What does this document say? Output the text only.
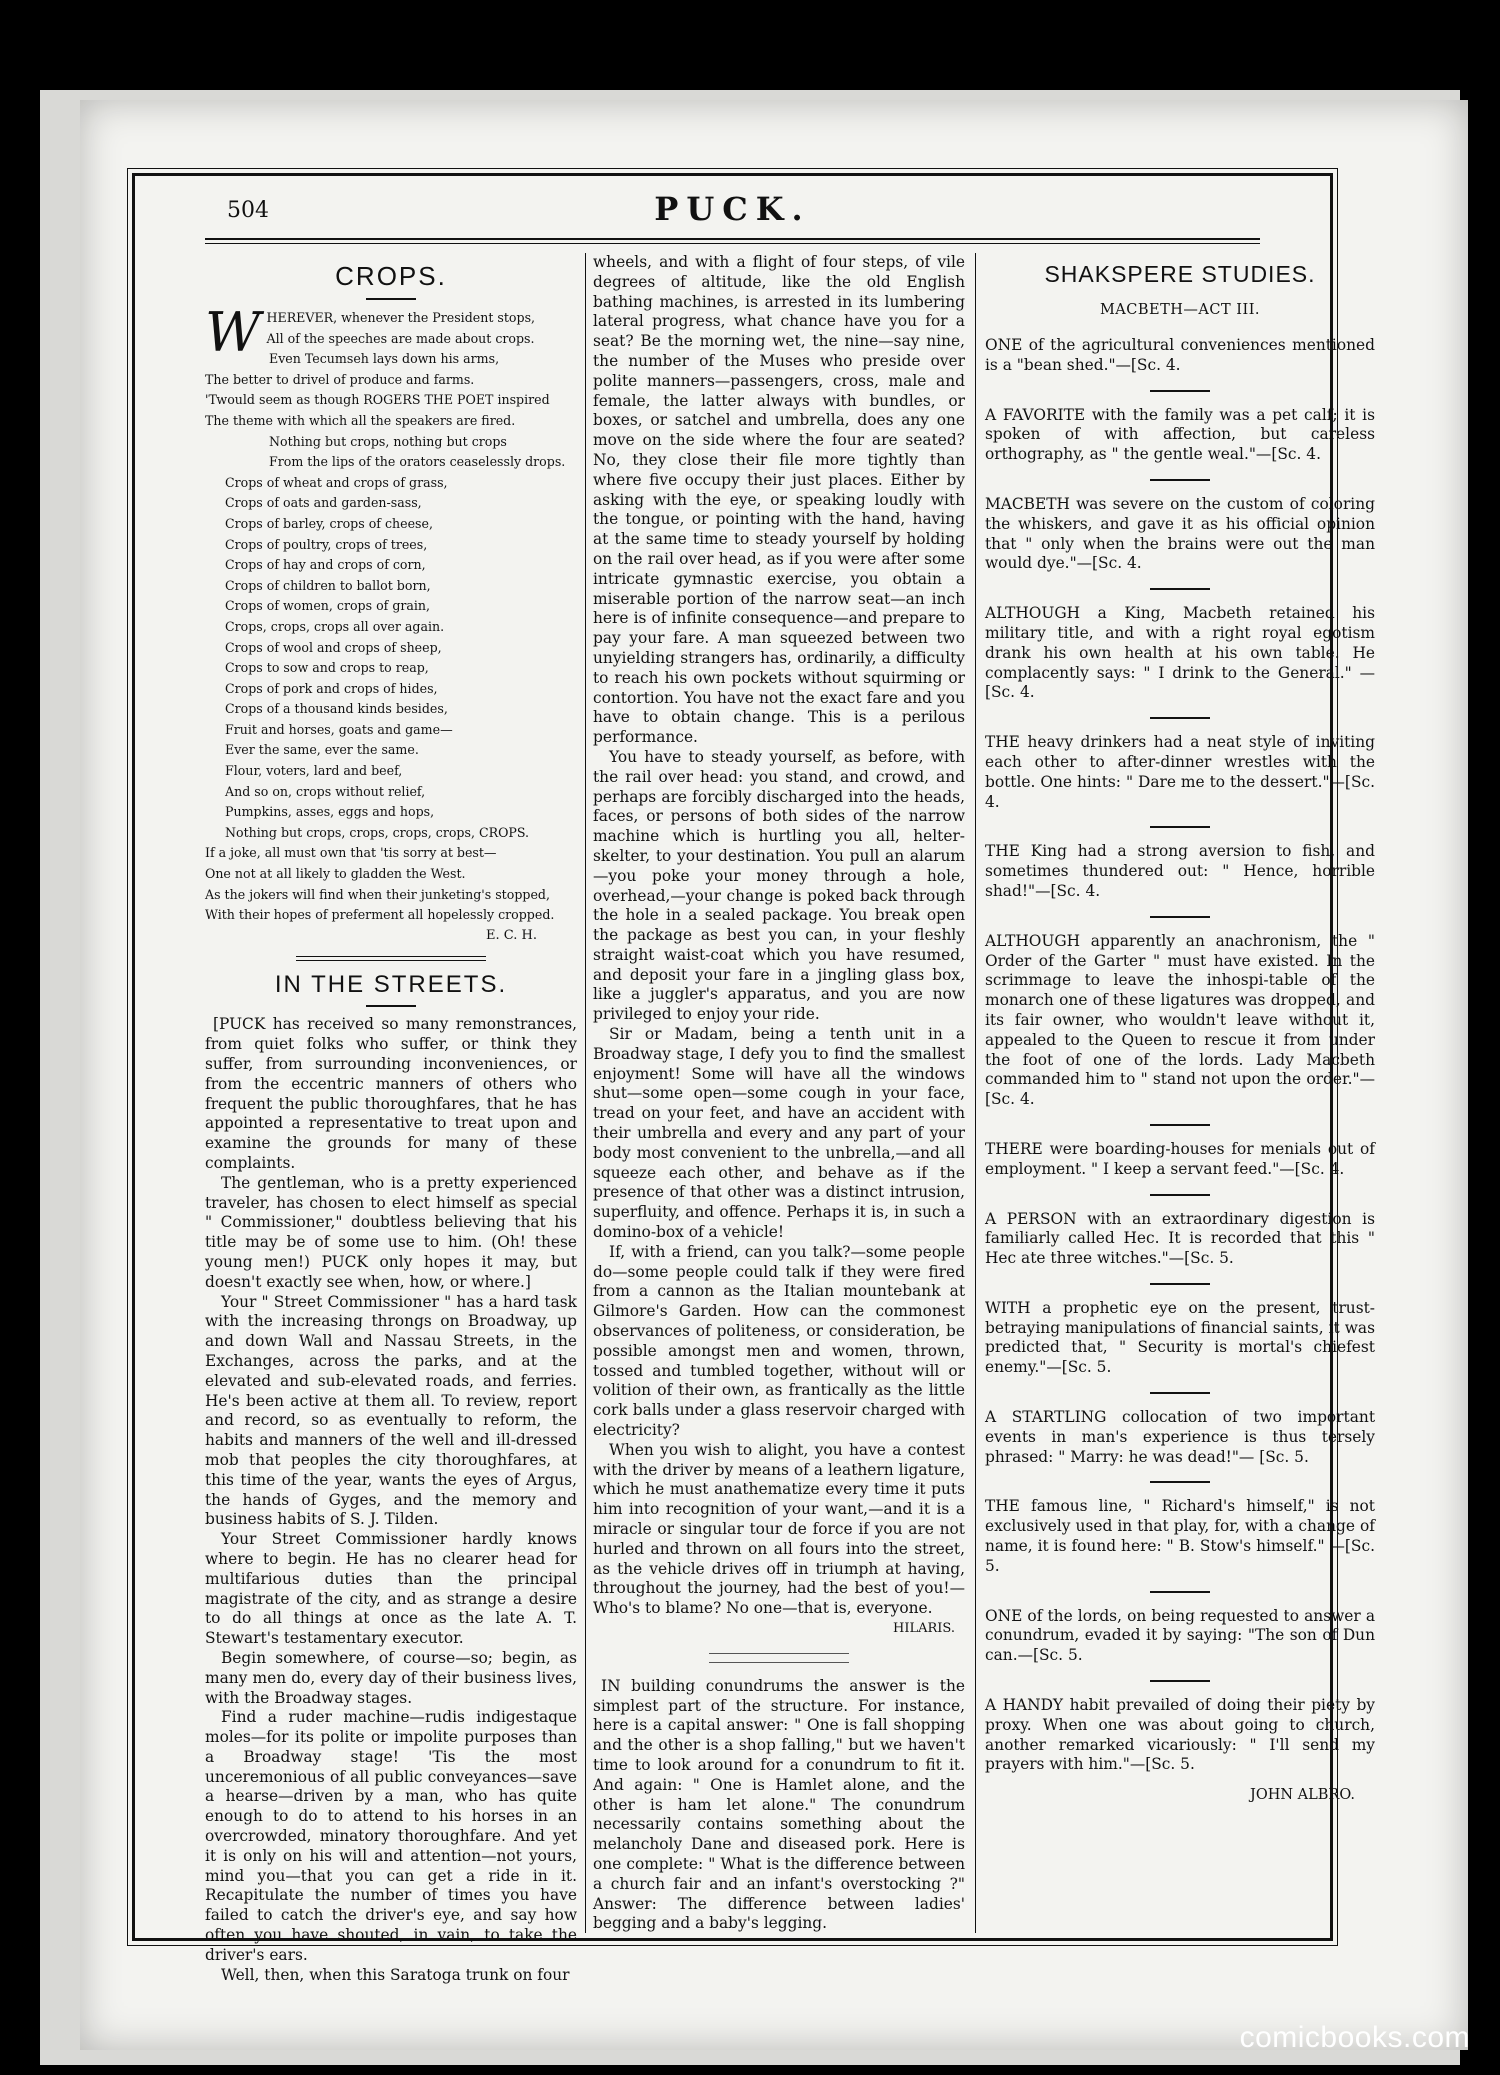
504	PUCK.
CROPS.
W HEREVER, whenever the President stops,
All of the speeches are made about crops.
Even Tecumseh lays down his arms,
The better to drivel of produce and farms.
'Twould seem as though ROGERS THE POET inspired
The theme with which all the speakers are fired.
Nothing but crops, nothing but crops
From the lips of the orators ceaselessly drops.
Crops of wheat and crops of grass,
Crops of oats and garden-sass,
Crops of barley, crops of cheese,
Crops of poultry, crops of trees,
Crops of hay and crops of corn,
Crops of children to ballot born,
Crops of women, crops of grain,
Crops, crops, crops all over again.
Crops of wool and crops of sheep,
Crops to sow and crops to reap,
Crops of pork and crops of hides,
Crops of a thousand kinds besides,
Fruit and horses, goats and game—
Ever the same, ever the same.
Flour, voters, lard and beef,
And so on, crops without relief,
Pumpkins, asses, eggs and hops,
Nothing but crops, crops, crops, crops, CROPS.
If a joke, all must own that 'tis sorry at best—
One not at all likely to gladden the West.
As the jokers will find when their junketing's stopped,
With their hopes of preferment all hopelessly cropped.
E. C. H.
IN THE STREETS.

[PUCK has received so many remonstrances, from quiet folks who suffer, or think they suffer, from surrounding inconveniences, or from the eccentric manners of others who frequent the public thoroughfares, that he has appointed a representative to treat upon and examine the grounds for many of these complaints.

The gentleman, who is a pretty experienced traveler, has chosen to elect himself as special " Commissioner," doubtless believing that his title may be of some use to him. (Oh! these young men!) PUCK only hopes it may, but doesn't exactly see when, how, or where.]

Your " Street Commissioner " has a hard task with the increasing throngs on Broadway, up and down Wall and Nassau Streets, in the Exchanges, across the parks, and at the elevated and sub-elevated roads, and ferries. He's been active at them all. To review, report and record, so as eventually to reform, the habits and manners of the well and ill-dressed mob that peoples the city thoroughfares, at this time of the year, wants the eyes of Argus, the hands of Gyges, and the memory and business habits of S. J. Tilden.

Your Street Commissioner hardly knows where to begin. He has no clearer head for multifarious duties than the principal magistrate of the city, and as strange a desire to do all things at once as the late A. T. Stewart's testamentary executor.

Begin somewhere, of course—so; begin, as many men do, every day of their business lives, with the Broadway stages.

Find a ruder machine—rudis indigestaque moles—for its polite or impolite purposes than a Broadway stage! 'Tis the most unceremonious of all public conveyances—save a hearse—driven by a man, who has quite enough to do to attend to his horses in an overcrowded, minatory thoroughfare. And yet it is only on his will and attention—not yours, mind you—that you can get a ride in it. Recapitulate the number of times you have failed to catch the driver's eye, and say how often you have shouted, in vain, to take the driver's ears.

Well, then, when this Saratoga trunk on four

wheels, and with a flight of four steps, of vile degrees of altitude, like the old English bathing machines, is arrested in its lumbering lateral progress, what chance have you for a seat? Be the morning wet, the nine—say nine, the number of the Muses who preside over polite manners—passengers, cross, male and female, the latter always with bundles, or boxes, or satchel and umbrella, does any one move on the side where the four are seated? No, they close their file more tightly than where five occupy their just places. Either by asking with the eye, or speaking loudly with the tongue, or pointing with the hand, having at the same time to steady yourself by holding on the rail over head, as if you were after some intricate gymnastic exercise, you obtain a miserable portion of the narrow seat—an inch here is of infinite consequence—and prepare to pay your fare. A man squeezed between two unyielding strangers has, ordinarily, a difficulty to reach his own pockets without squirming or contortion. You have not the exact fare and you have to obtain change. This is a perilous performance.

You have to steady yourself, as before, with the rail over head: you stand, and crowd, and perhaps are forcibly discharged into the heads, faces, or persons of both sides of the narrow machine which is hurtling you all, helter-skelter, to your destination. You pull an alarum—you poke your money through a hole, overhead,—your change is poked back through the hole in a sealed package. You break open the package as best you can, in your fleshly straight waist-coat which you have resumed, and deposit your fare in a jingling glass box, like a juggler's apparatus, and you are now privileged to enjoy your ride.

Sir or Madam, being a tenth unit in a Broadway stage, I defy you to find the smallest enjoyment! Some will have all the windows shut—some open—some cough in your face, tread on your feet, and have an accident with their umbrella and every and any part of your body most convenient to the unbrella,—and all squeeze each other, and behave as if the presence of that other was a distinct intrusion, superfluity, and offence. Perhaps it is, in such a domino-box of a vehicle!

If, with a friend, can you talk?—some people do—some people could talk if they were fired from a cannon as the Italian mountebank at Gilmore's Garden. How can the commonest observances of politeness, or consideration, be possible amongst men and women, thrown, tossed and tumbled together, without will or volition of their own, as frantically as the little cork balls under a glass reservoir charged with electricity?

When you wish to alight, you have a contest with the driver by means of a leathern ligature, which he must anathematize every time it puts him into recognition of your want,—and it is a miracle or singular tour de force if you are not hurled and thrown on all fours into the street, as the vehicle drives off in triumph at having, throughout the journey, had the best of you!—Who's to blame? No one—that is, everyone.

HILARIS.

IN building conundrums the answer is the simplest part of the structure. For instance, here is a capital answer: " One is fall shopping and the other is a shop falling," but we haven't time to look around for a conundrum to fit it. And again: " One is Hamlet alone, and the other is ham let alone." The conundrum necessarily contains something about the melancholy Dane and diseased pork. Here is one complete: " What is the difference between a church fair and an infant's overstocking ?" Answer: The difference between ladies' begging and a baby's legging.

SHAKSPERE STUDIES.
MACBETH—ACT III.
ONE of the agricultural conveniences mentioned is a "bean shed."—[Sc. 4.
A FAVORITE with the family was a pet calf; it is spoken of with affection, but careless orthography, as " the gentle weal."—[Sc. 4.
MACBETH was severe on the custom of coloring the whiskers, and gave it as his official opinion that " only when the brains were out the man would dye."—[Sc. 4.
ALTHOUGH a King, Macbeth retained his military title, and with a right royal egotism drank his own health at his own table. He complacently says: " I drink to the General." —[Sc. 4.
THE heavy drinkers had a neat style of inviting each other to after-dinner wrestles with the bottle. One hints: " Dare me to the dessert."—[Sc. 4.
THE King had a strong aversion to fish, and sometimes thundered out: " Hence, horrible shad!"—[Sc. 4.
ALTHOUGH apparently an anachronism, the " Order of the Garter " must have existed. In the scrimmage to leave the inhospi-table of the monarch one of these ligatures was dropped, and its fair owner, who wouldn't leave without it, appealed to the Queen to rescue it from under the foot of one of the lords. Lady Macbeth commanded him to " stand not upon the order."—[Sc. 4.
THERE were boarding-houses for menials out of employment. " I keep a servant feed."—[Sc. 4.
A PERSON with an extraordinary digestion is familiarly called Hec. It is recorded that this " Hec ate three witches."—[Sc. 5.
WITH a prophetic eye on the present, trust-betraying manipulations of financial saints, it was predicted that, " Security is mortal's chiefest enemy."—[Sc. 5.
A STARTLING collocation of two important events in man's experience is thus tersely phrased: " Marry: he was dead!"— [Sc. 5.
THE famous line, " Richard's himself," is not exclusively used in that play, for, with a change of name, it is found here: " B. Stow's himself." —[Sc. 5.
ONE of the lords, on being requested to answer a conundrum, evaded it by saying: "The son of Dun can.—[Sc. 5.
A HANDY habit prevailed of doing their piety by proxy. When one was about going to church, another remarked vicariously: " I'll send my prayers with him."—[Sc. 5.
JOHN ALBRO.
comicbooks.com
